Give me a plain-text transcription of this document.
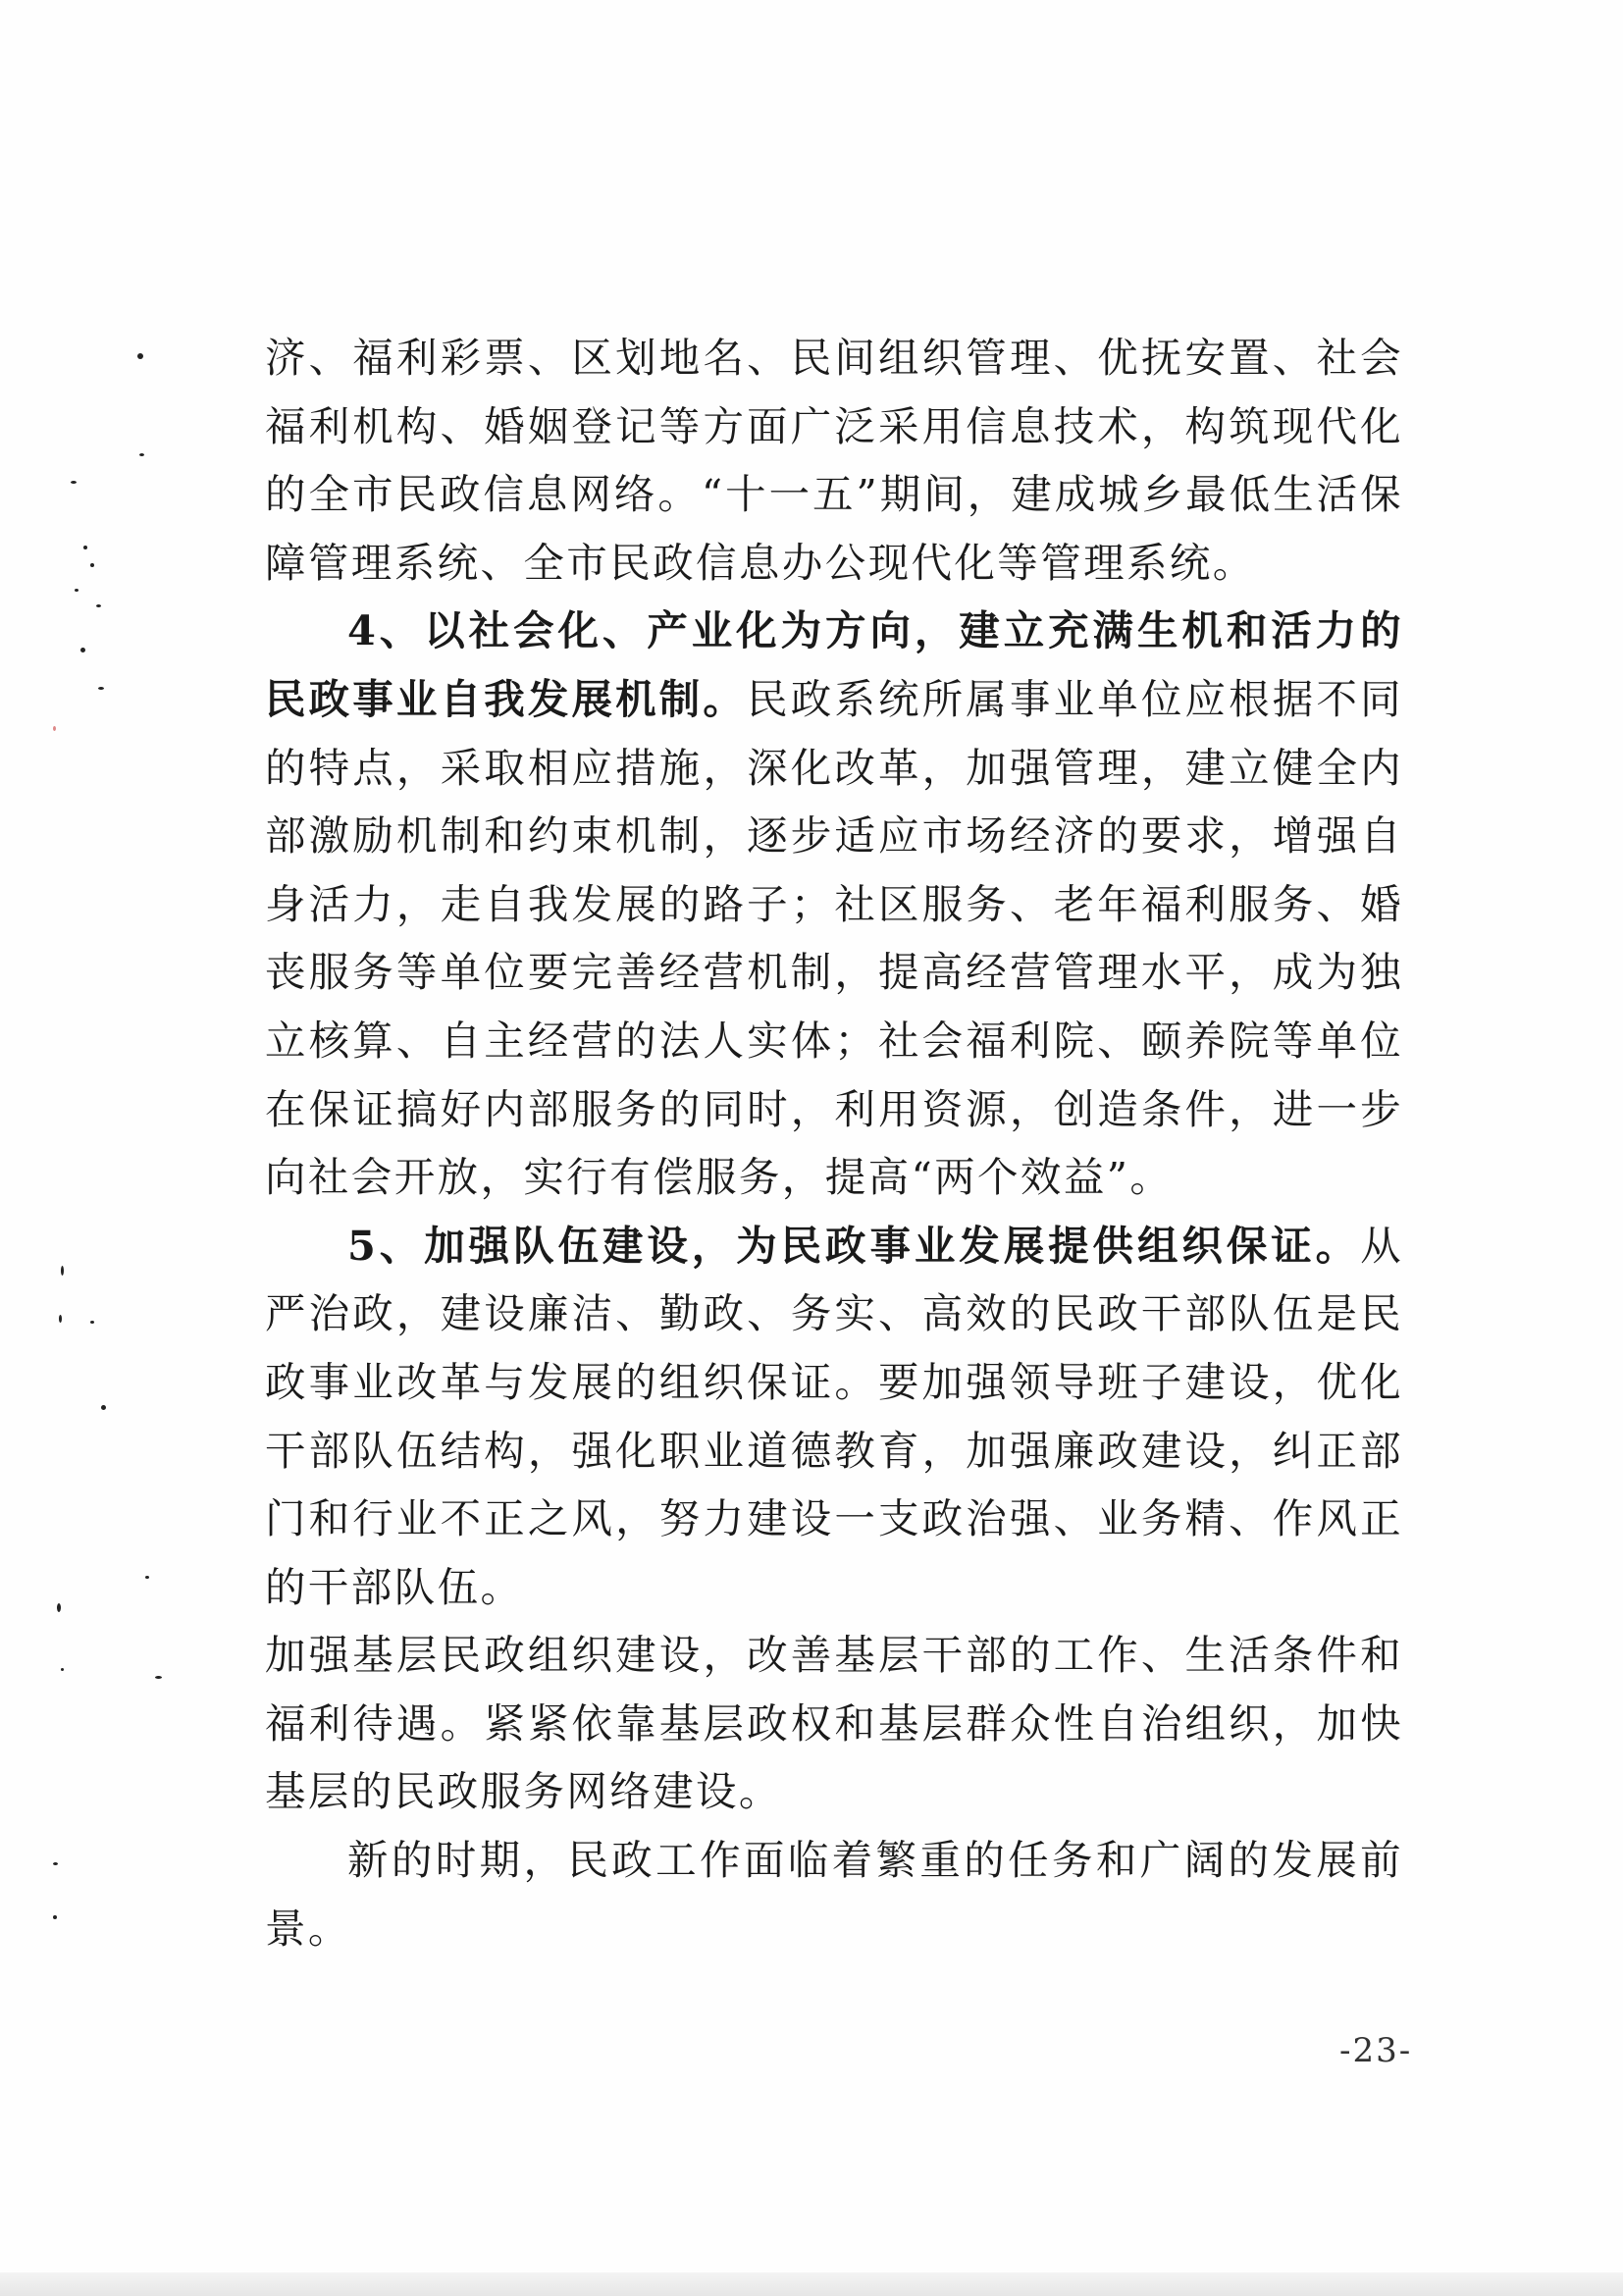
济、福利彩票、区划地名、民间组织管理、优抚安置、社会福利机构、婚姻登记等方面广泛采用信息技术，构筑现代化的全市民政信息网络。“十一五”期间，建成城乡最低生活保障管理系统、全市民政信息办公现代化等管理系统。

4、以社会化、产业化为方向，建立充满生机和活力的民政事业自我发展机制。民政系统所属事业单位应根据不同的特点，采取相应措施，深化改革，加强管理，建立健全内部激励机制和约束机制，逐步适应市场经济的要求，增强自身活力，走自我发展的路子；社区服务、老年福利服务、婚丧服务等单位要完善经营机制，提高经营管理水平，成为独立核算、自主经营的法人实体；社会福利院、颐养院等单位在保证搞好内部服务的同时，利用资源，创造条件，进一步向社会开放，实行有偿服务，提高“两个效益”。

5、加强队伍建设，为民政事业发展提供组织保证。从严治政，建设廉洁、勤政、务实、高效的民政干部队伍是民政事业改革与发展的组织保证。要加强领导班子建设，优化干部队伍结构，强化职业道德教育，加强廉政建设，纠正部门和行业不正之风，努力建设一支政治强、业务精、作风正的干部队伍。

加强基层民政组织建设，改善基层干部的工作、生活条件和福利待遇。紧紧依靠基层政权和基层群众性自治组织，加快基层的民政服务网络建设。

新的时期，民政工作面临着繁重的任务和广阔的发展前景。

-23-
